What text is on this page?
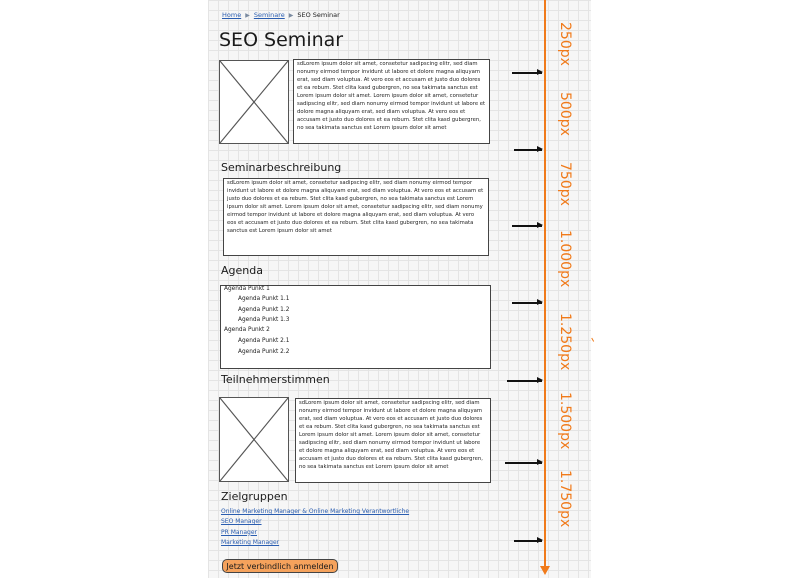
Home ▶ Seminare ▶ SEO Seminar
SEO Seminar
sdLorem ipsum dolor sit amet, consetetur sadipscing elitr, sed diam nonumy eirmod tempor invidunt ut labore et dolore magna aliquyam erat, sed diam voluptua. At vero eos et accusam et justo duo dolores et ea rebum. Stet clita kasd gubergren, no sea takimata sanctus est Lorem ipsum dolor sit amet. Lorem ipsum dolor sit amet, consetetur sadipscing elitr, sed diam nonumy eirmod tempor invidunt ut labore et dolore magna aliquyam erat, sed diam voluptua. At vero eos et accusam et justo duo dolores et ea rebum. Stet clita kasd gubergren, no sea takimata sanctus est Lorem ipsum dolor sit amet
Seminarbeschreibung
sdLorem ipsum dolor sit amet, consetetur sadipscing elitr, sed diam nonumy eirmod tempor invidunt ut labore et dolore magna aliquyam erat, sed diam voluptua. At vero eos et accusam et justo duo dolores et ea rebum. Stet clita kasd gubergren, no sea takimata sanctus est Lorem ipsum dolor sit amet. Lorem ipsum dolor sit amet, consetetur sadipscing elitr, sed diam nonumy eirmod tempor invidunt ut labore et dolore magna aliquyam erat, sed diam voluptua. At vero eos et accusam et justo duo dolores et ea rebum. Stet clita kasd gubergren, no sea takimata sanctus est Lorem ipsum dolor sit amet
Agenda
Agenda Punkt 1
Agenda Punkt 1.1
Agenda Punkt 1.2
Agenda Punkt 1.3
Agenda Punkt 2
Agenda Punkt 2.1
Agenda Punkt 2.2
Teilnehmerstimmen
sdLorem ipsum dolor sit amet, consetetur sadipscing elitr, sed diam nonumy eirmod tempor invidunt ut labore et dolore magna aliquyam erat, sed diam voluptua. At vero eos et accusam et justo duo dolores et ea rebum. Stet clita kasd gubergren, no sea takimata sanctus est Lorem ipsum dolor sit amet. Lorem ipsum dolor sit amet, consetetur sadipscing elitr, sed diam nonumy eirmod tempor invidunt ut labore et dolore magna aliquyam erat, sed diam voluptua. At vero eos et accusam et justo duo dolores et ea rebum. Stet clita kasd gubergren, no sea takimata sanctus est Lorem ipsum dolor sit amet
Zielgruppen
Online Marketing Manager & Online Marketing Verantwortliche
SEO Manager
PR Manager
Marketing Manager
Jetzt verbindlich anmelden
250px
500px
750px
1.000px
1.250px
1.500px
1.750px
